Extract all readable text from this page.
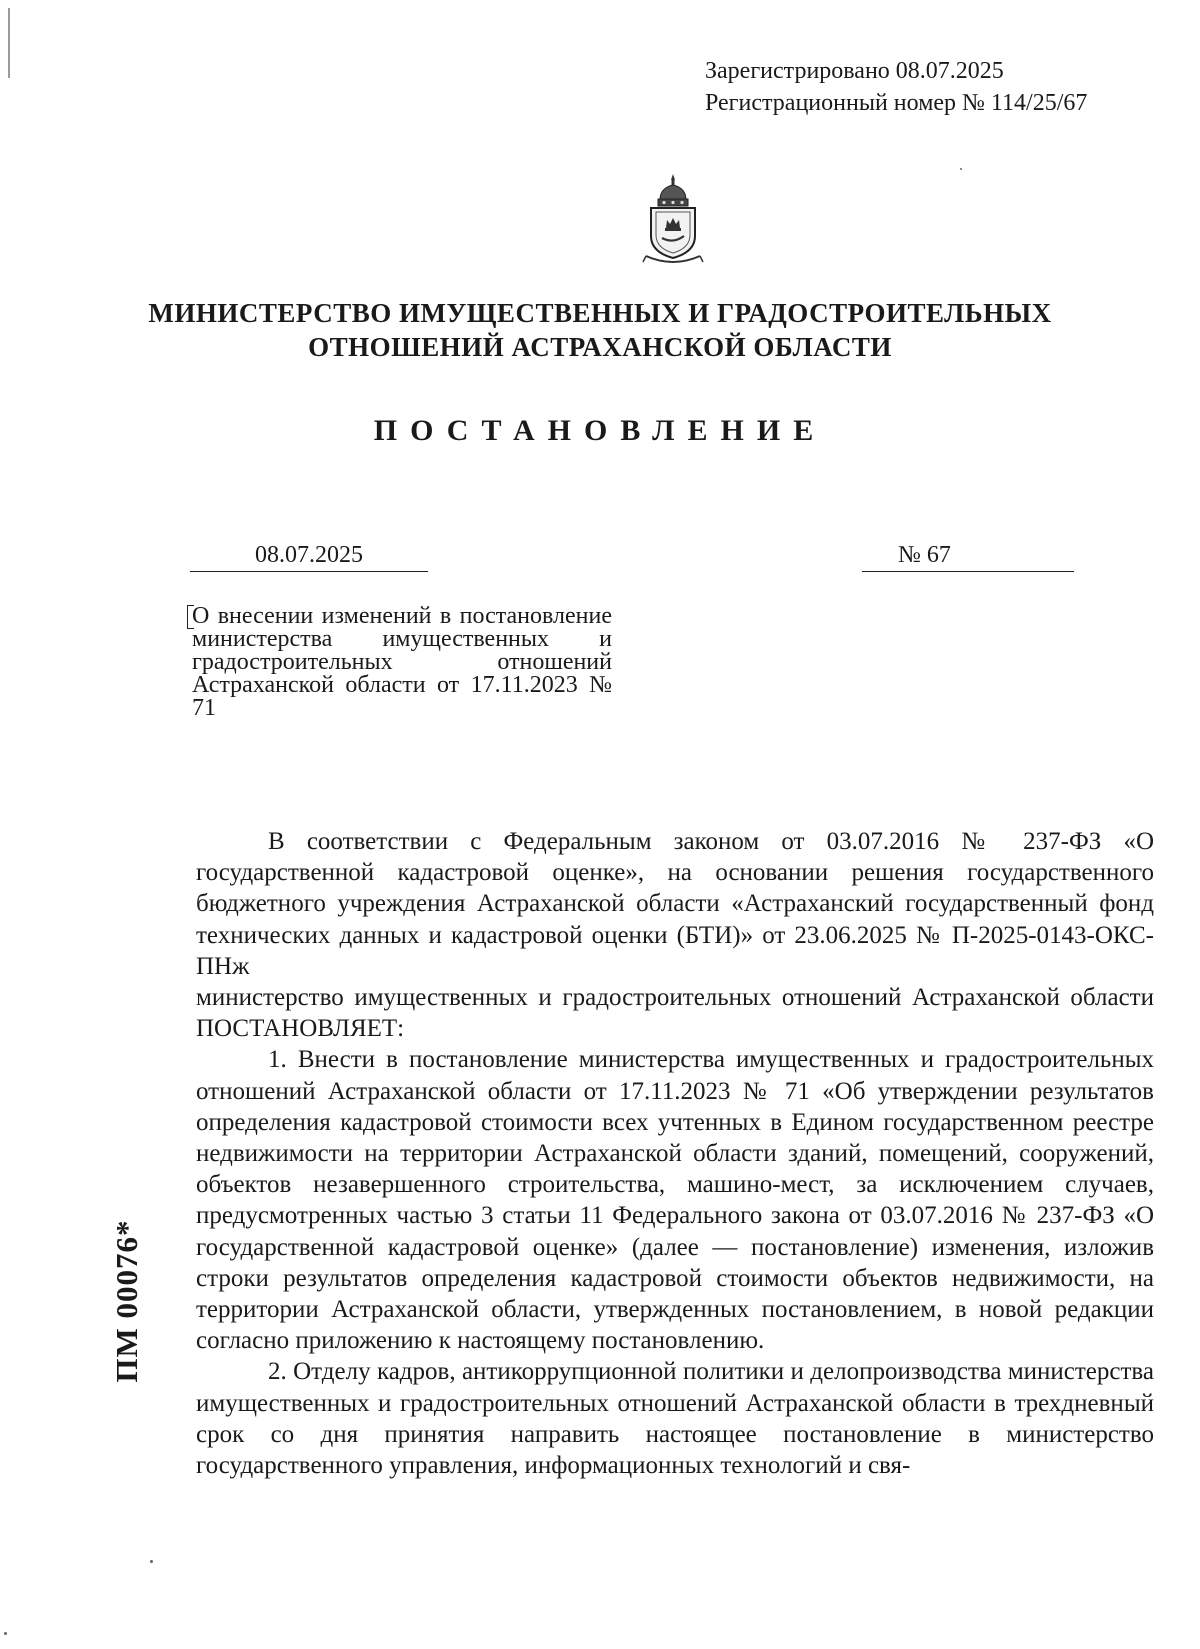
Зарегистрировано 08.07.2025
Регистрационный номер № 114/25/67
МИНИСТЕРСТВО ИМУЩЕСТВЕННЫХ И ГРАДОСТРОИТЕЛЬНЫХ
ОТНОШЕНИЙ АСТРАХАНСКОЙ ОБЛАСТИ
ПОСТАНОВЛЕНИЕ
08.07.2025	№ 67
О внесении изменений в постановление министерства имущественных и градостроительных отношений Астраханской области от 17.11.2023 № 71

В соответствии с Федеральным законом от 03.07.2016 № 237-ФЗ «О государственной кадастровой оценке», на основании решения государственного бюджетного учреждения Астраханской области «Астраханский государственный фонд технических данных и кадастровой оценки (БТИ)» от 23.06.2025 № П-2025-0143-ОКС-ПНж

министерство имущественных и градостроительных отношений Астраханской области ПОСТАНОВЛЯЕТ:

1. Внести в постановление министерства имущественных и градостроительных отношений Астраханской области от 17.11.2023 № 71 «Об утверждении результатов определения кадастровой стоимости всех учтенных в Едином государственном реестре недвижимости на территории Астраханской области зданий, помещений, сооружений, объектов незавершенного строительства, машино-мест, за исключением случаев, предусмотренных частью 3 статьи 11 Федерального закона от 03.07.2016 № 237-ФЗ «О государственной кадастровой оценке» (далее — постановление) изменения, изложив строки результатов определения кадастровой стоимости объектов недвижимости, на территории Астраханской области, утвержденных постановлением, в новой редакции согласно приложению к настоящему постановлению.

2. Отделу кадров, антикоррупционной политики и делопроизводства министерства имущественных и градостроительных отношений Астраханской области в трехдневный срок со дня принятия направить настоящее постановление в министерство государственного управления, информационных технологий и свя-

ПМ 00076*
